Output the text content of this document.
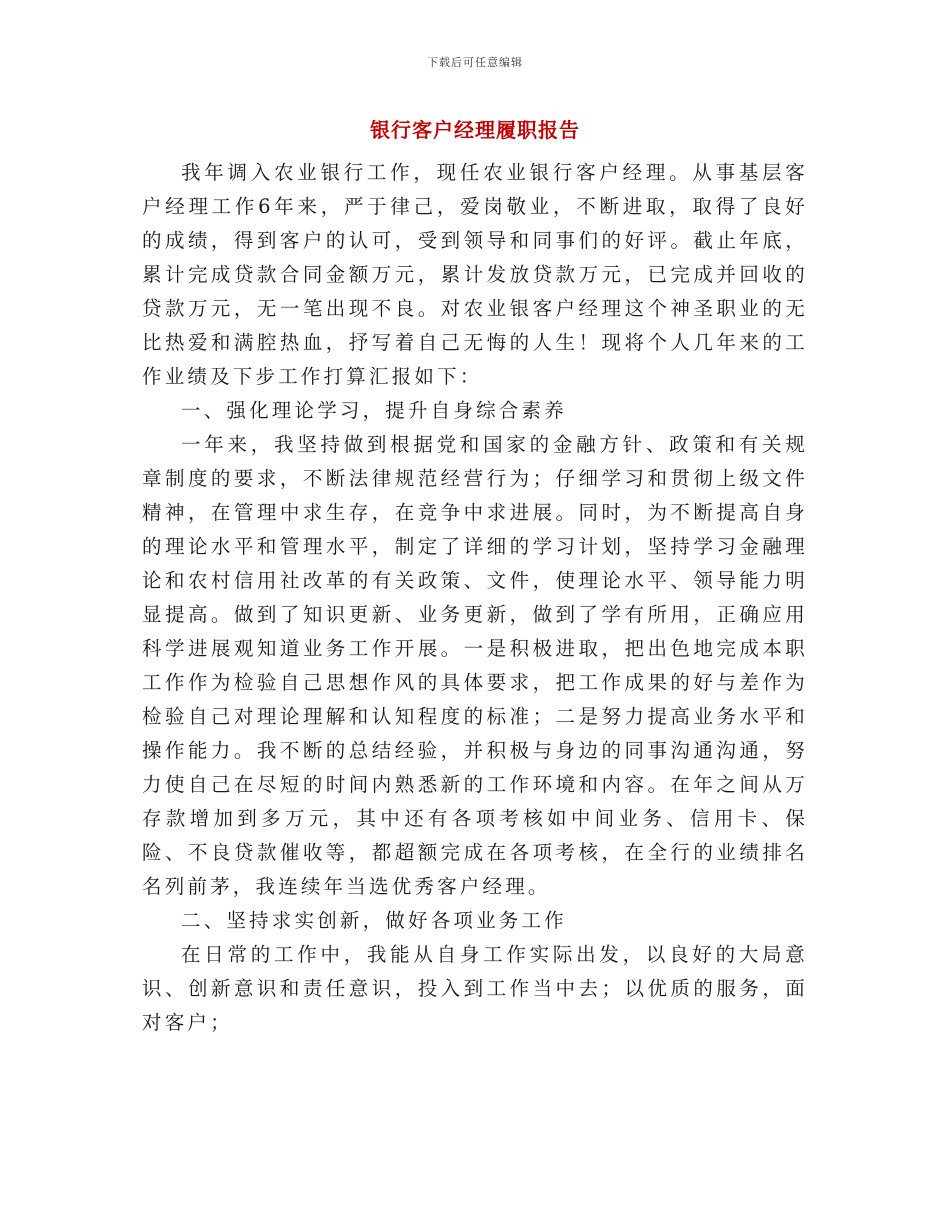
下载后可任意编辑
银行客户经理履职报告

我年调入农业银行工作，现任农业银行客户经理。从事基层客户经理工作6年来，严于律己，爱岗敬业，不断进取，取得了良好的成绩，得到客户的认可，受到领导和同事们的好评。截止年底，累计完成贷款合同金额万元，累计发放贷款万元，已完成并回收的贷款万元，无一笔出现不良。对农业银客户经理这个神圣职业的无比热爱和满腔热血，抒写着自己无悔的人生！现将个人几年来的工作业绩及下步工作打算汇报如下：

一、强化理论学习，提升自身综合素养

一年来，我坚持做到根据党和国家的金融方针、政策和有关规章制度的要求，不断法律规范经营行为；仔细学习和贯彻上级文件精神，在管理中求生存，在竞争中求进展。同时，为不断提高自身的理论水平和管理水平，制定了详细的学习计划，坚持学习金融理论和农村信用社改革的有关政策、文件，使理论水平、领导能力明显提高。做到了知识更新、业务更新，做到了学有所用，正确应用科学进展观知道业务工作开展。一是积极进取，把出色地完成本职工作作为检验自己思想作风的具体要求，把工作成果的好与差作为检验自己对理论理解和认知程度的标准；二是努力提高业务水平和操作能力。我不断的总结经验，并积极与身边的同事沟通沟通，努力使自己在尽短的时间内熟悉新的工作环境和内容。在年之间从万存款增加到多万元，其中还有各项考核如中间业务、信用卡、保险、不良贷款催收等，都超额完成在各项考核，在全行的业绩排名名列前茅，我连续年当选优秀客户经理。

二、坚持求实创新，做好各项业务工作

在日常的工作中，我能从自身工作实际出发，以良好的大局意识、创新意识和责任意识，投入到工作当中去；以优质的服务，面对客户；
